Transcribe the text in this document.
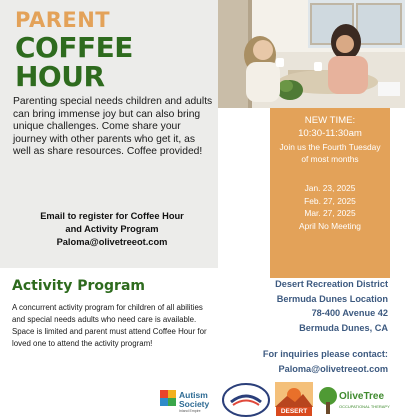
PARENT
COFFEE
HOUR

Parenting special needs children and adults can bring immense joy but can also bring unique challenges. Come share your journey with other parents who get it, as well as share resources. Coffee provided!

Email to register for Coffee Hour
and Activity Program
Paloma@olivetreeot.com
NEW TIME:
10:30-11:30am
Join us the Fourth Tuesday
of most months
Jan. 23, 2025
Feb. 27, 2025
Mar. 27, 2025
April No Meeting
Activity Program

A concurrent activity program for children of all abilities and special needs adults who need care is available. Space is limited and parent must attend Coffee Hour for loved one to attend the activity program!

Desert Recreation District
Bermuda Dunes Location
78-400 Avenue 42
Bermuda Dunes, CA
For inquiries please contact:
Paloma@olivetreeot.com
Autism Society
Inland Empire	DESERT
OliveTree
OCCUPATIONAL THERAPY
